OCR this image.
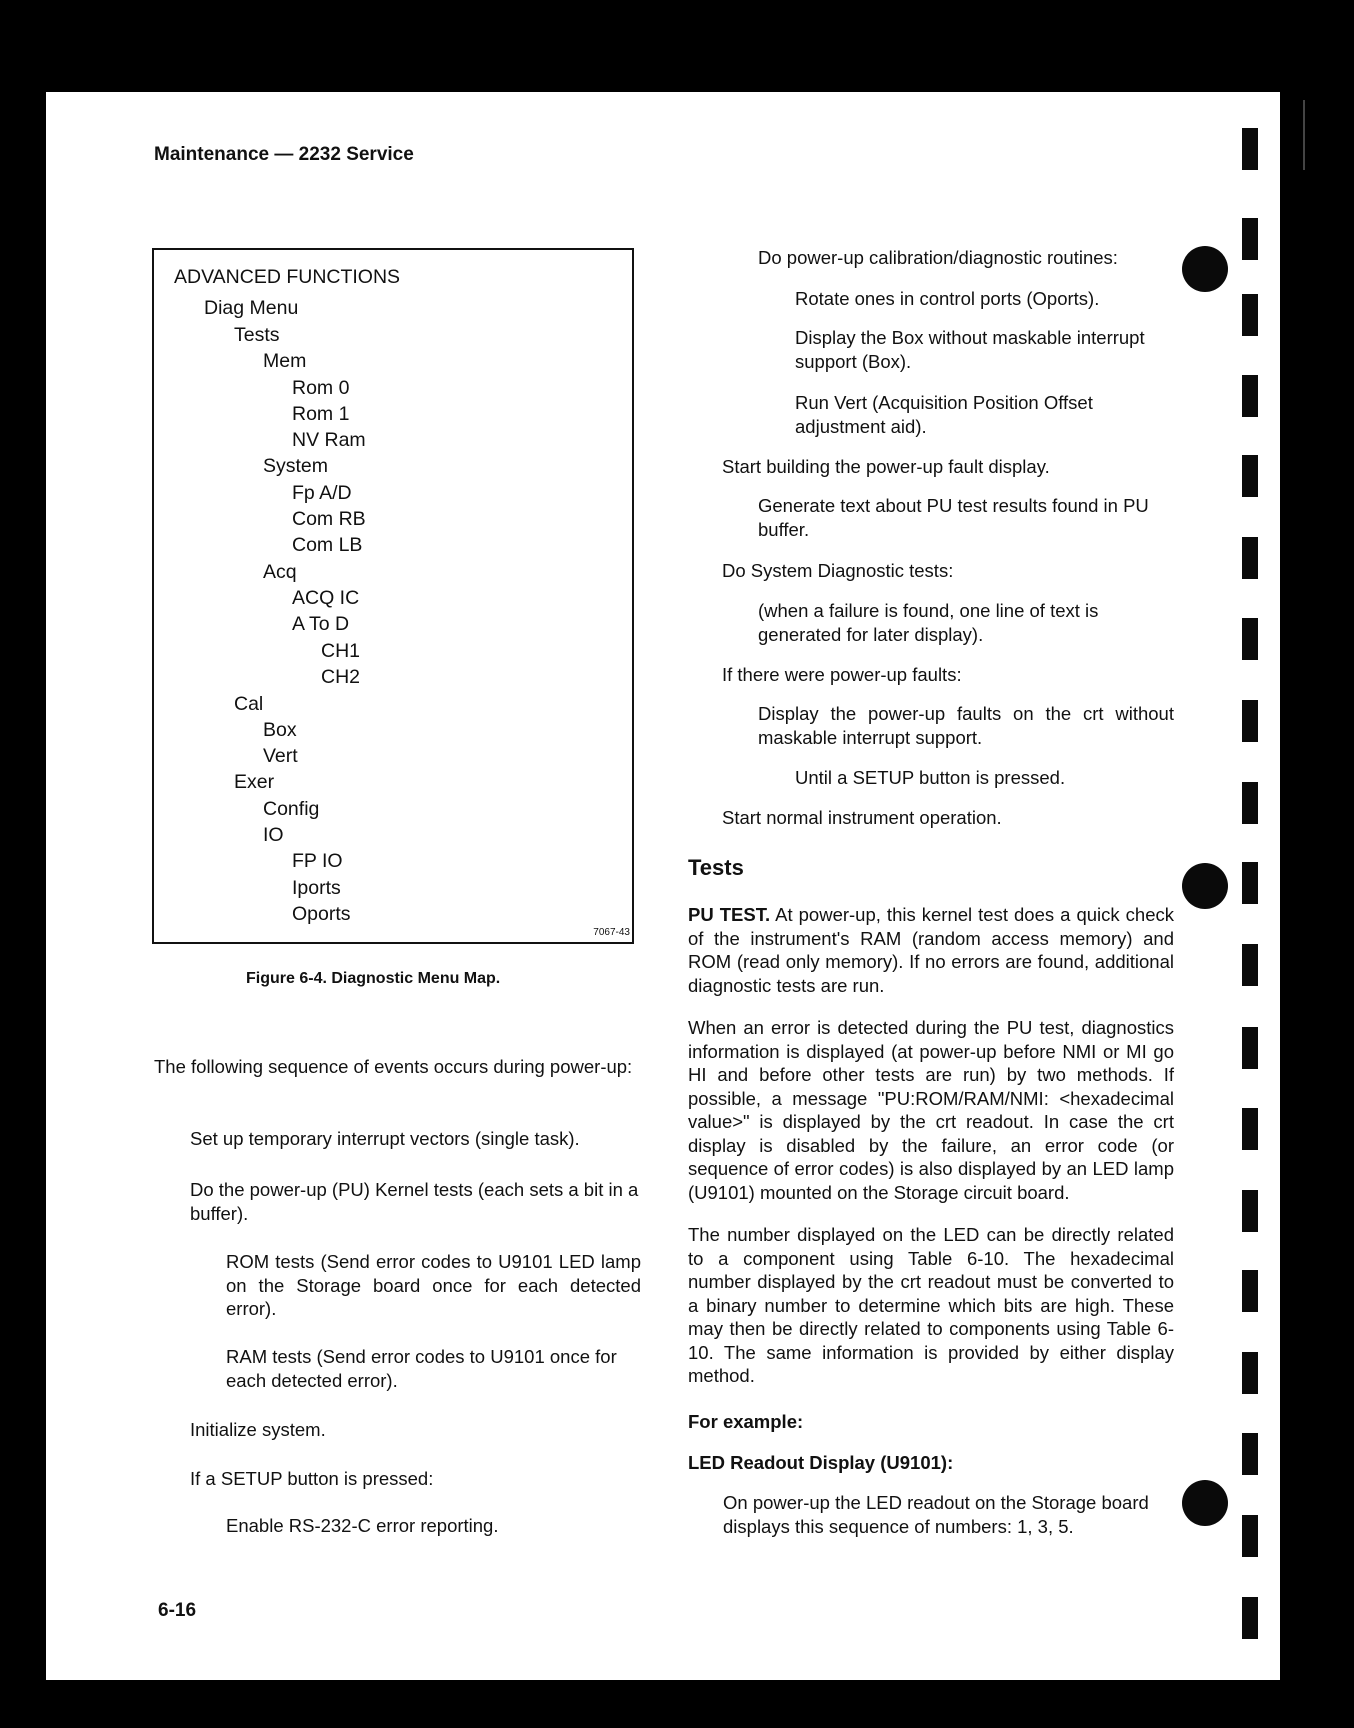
Maintenance — 2232 Service
ADVANCED FUNCTIONS
Diag Menu
Tests
Mem
Rom 0
Rom 1
NV Ram
System
Fp A/D
Com RB
Com LB
Acq
ACQ IC
A To D
CH1
CH2
Cal
Box
Vert
Exer
Config
IO
FP IO
Iports
Oports
7067-43
Figure 6-4. Diagnostic Menu Map.
The following sequence of events occurs during power-up:
Set up temporary interrupt vectors (single task).
Do the power-up (PU) Kernel tests (each sets a bit in a buffer).
ROM tests (Send error codes to U9101 LED lamp on the Storage board once for each detected error).
RAM tests (Send error codes to U9101 once for each detected error).
Initialize system.
If a SETUP button is pressed:
Enable RS-232-C error reporting.
Do power-up calibration/diagnostic routines:
Rotate ones in control ports (Oports).
Display the Box without maskable interrupt support (Box).
Run Vert (Acquisition Position Offset adjustment aid).
Start building the power-up fault display.
Generate text about PU test results found in PU buffer.
Do System Diagnostic tests:
(when a failure is found, one line of text is generated for later display).
If there were power-up faults:
Display the power-up faults on the crt without maskable interrupt support.
Until a SETUP button is pressed.
Start normal instrument operation.
Tests
PU TEST. At power-up, this kernel test does a quick check of the instrument's RAM (random access memory) and ROM (read only memory). If no errors are found, additional diagnostic tests are run.
When an error is detected during the PU test, diagnostics information is displayed (at power-up before NMI or MI go HI and before other tests are run) by two methods. If possible, a message "PU:ROM/RAM/NMI: <hexadecimal value>" is displayed by the crt readout. In case the crt display is disabled by the failure, an error code (or sequence of error codes) is also displayed by an LED lamp (U9101) mounted on the Storage circuit board.
The number displayed on the LED can be directly related to a component using Table 6-10. The hexadecimal number displayed by the crt readout must be converted to a binary number to determine which bits are high. These may then be directly related to components using Table 6-10. The same information is provided by either display method.
For example:
LED Readout Display (U9101):
On power-up the LED readout on the Storage board displays this sequence of numbers: 1, 3, 5.
6-16
